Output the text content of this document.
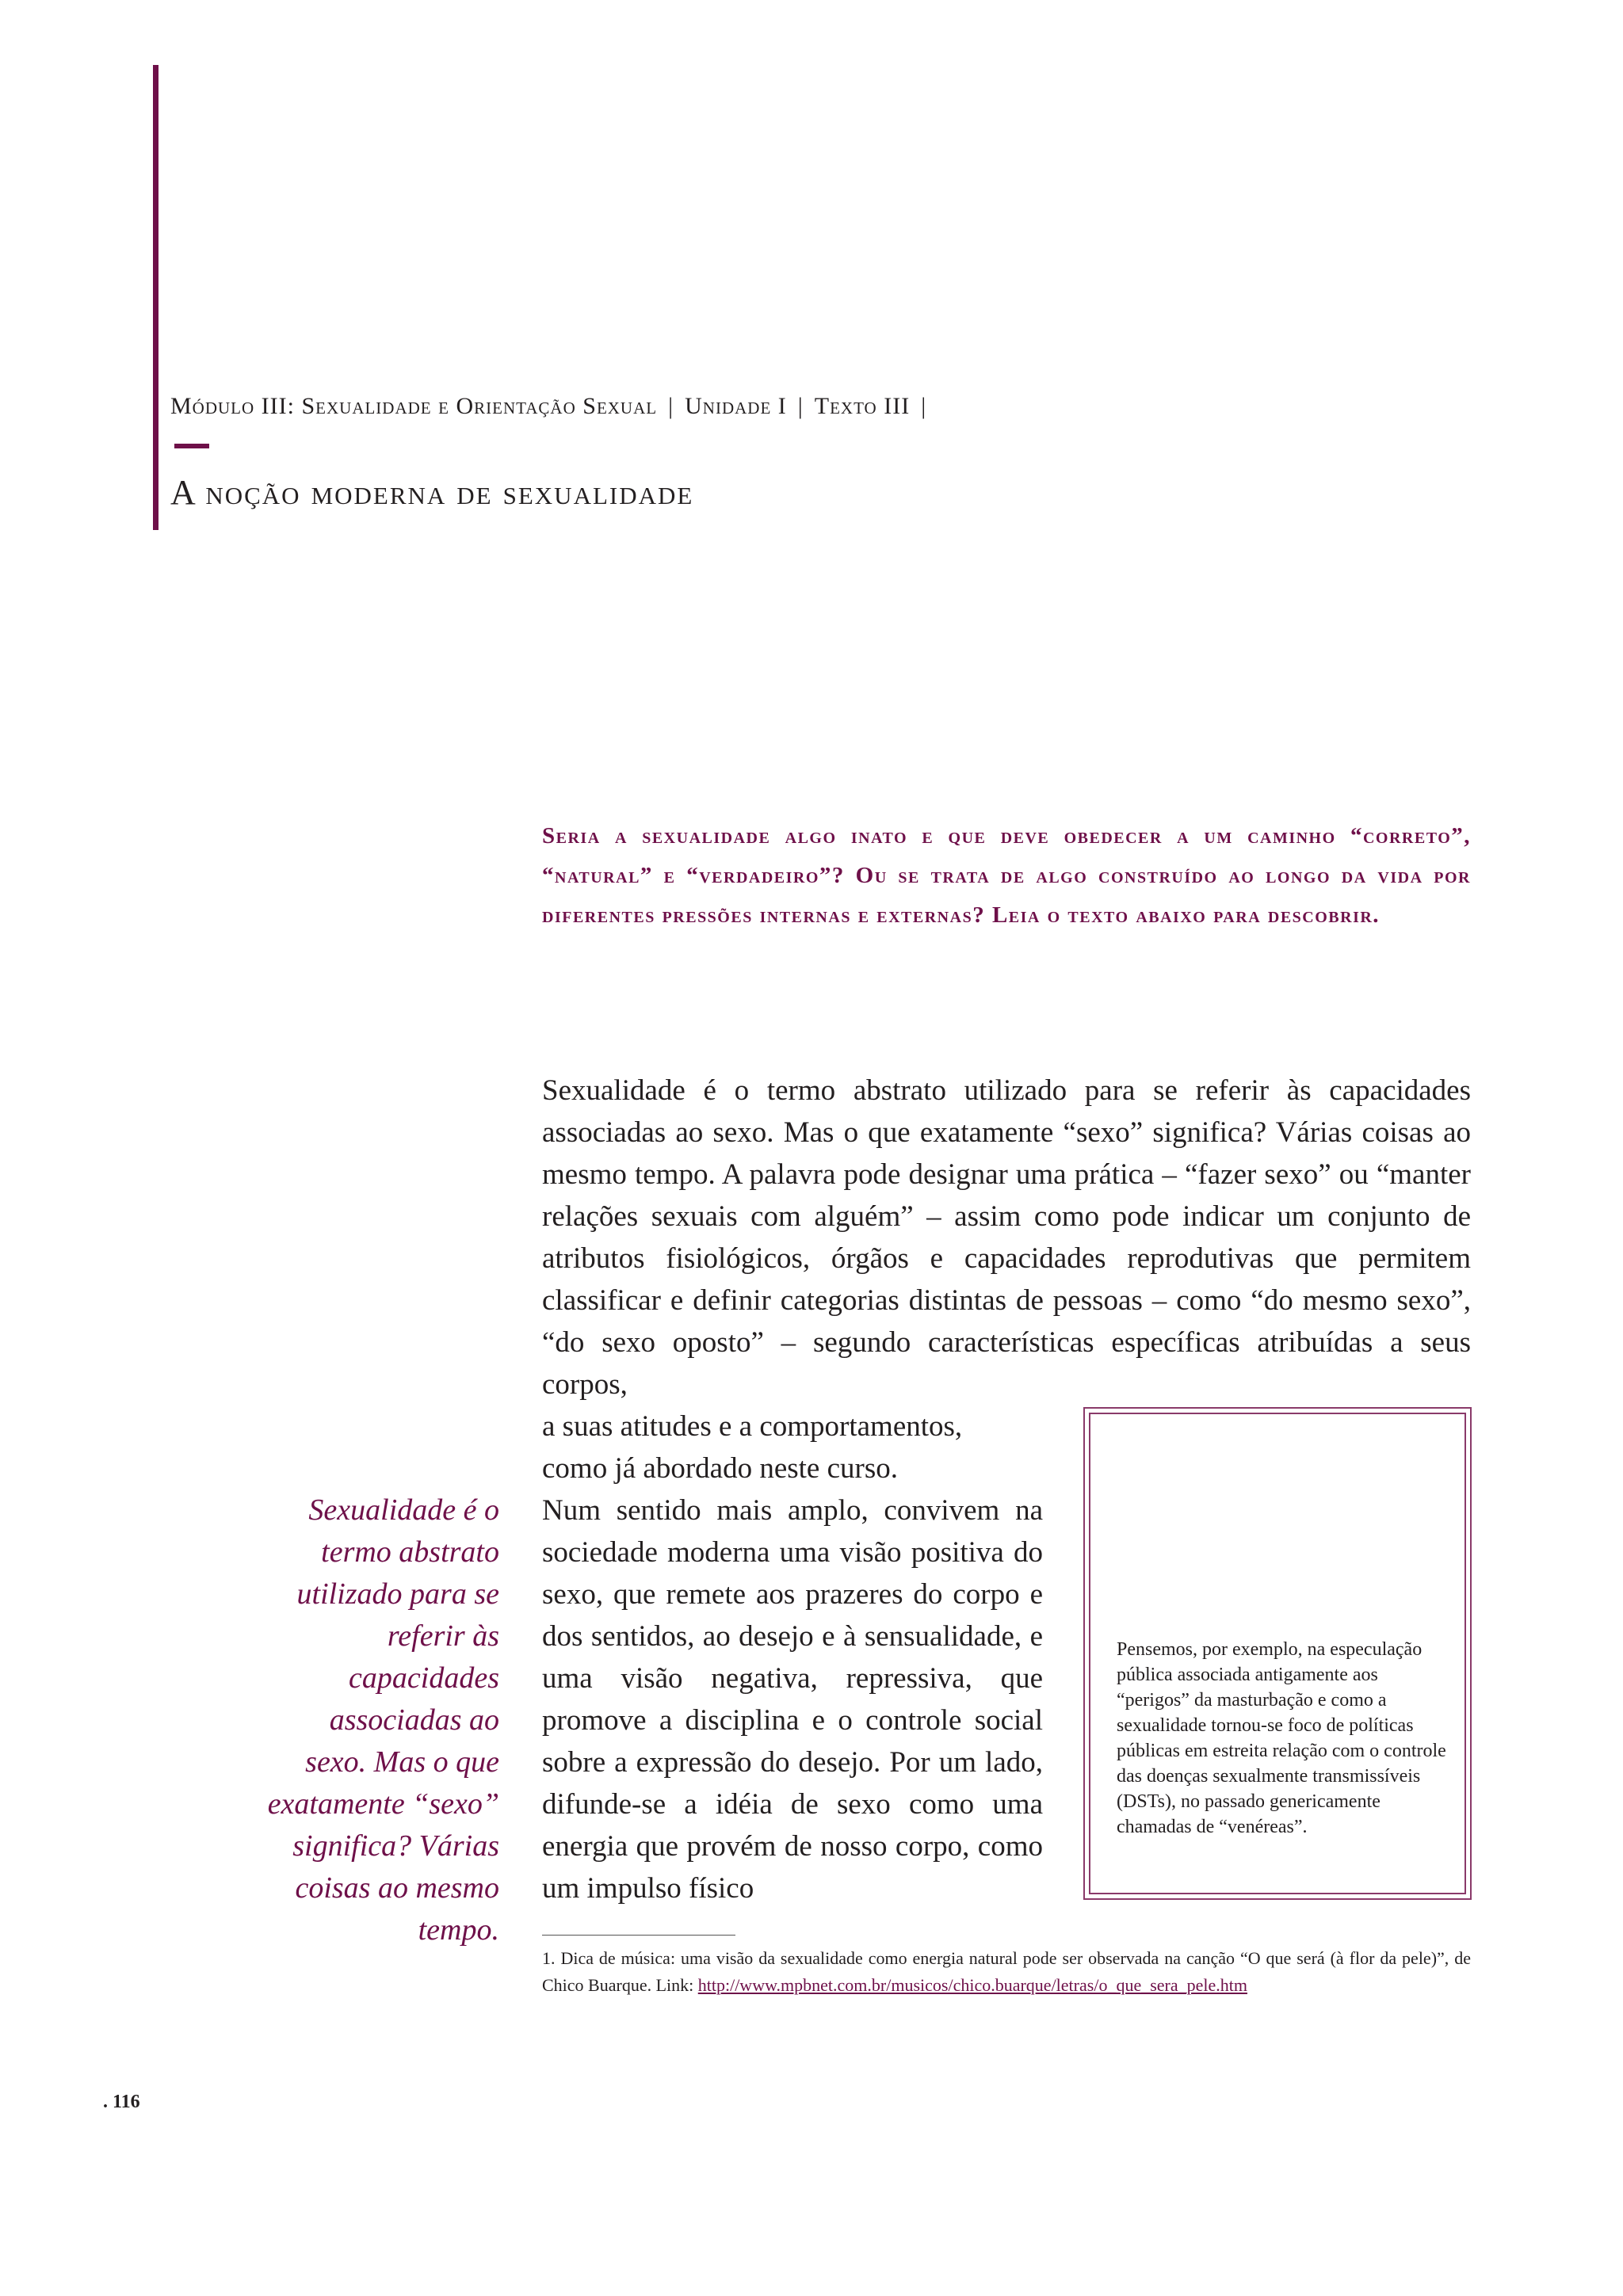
Módulo III: Sexualidade e Orientação Sexual | Unidade I | Texto III |
A noção moderna de sexualidade
Seria a sexualidade algo inato e que deve obedecer a um caminho “correto”, “natural” e “verdadeiro”? Ou se trata de algo construído ao longo da vida por diferentes pressões internas e externas? Leia o texto abaixo para descobrir.
Sexualidade é o termo abstrato utilizado para se referir às capacidades associadas ao sexo. Mas o que exatamente “sexo” significa? Várias coisas ao mesmo tempo. A palavra pode designar uma prática – “fazer sexo” ou “manter relações sexuais com alguém” – assim como pode indicar um conjunto de atributos fisiológicos, órgãos e capacidades reprodutivas que permitem classificar e definir categorias distintas de pessoas – como “do mesmo sexo”, “do sexo oposto” – segundo características específicas atribuídas a seus corpos,
a suas atitudes e a comportamentos,
como já abordado neste curso.
Pensemos, por exemplo, na especulação pública associada antigamente aos “perigos” da masturbação e como a sexualidade tornou-se foco de políticas públicas em estreita relação com o controle das doenças sexualmente transmissíveis (DSTs), no passado genericamente chamadas de “venéreas”.
Sexualidade é o termo abstrato utilizado para se referir às capacidades associadas ao sexo. Mas o que exatamente “sexo” significa? Várias coisas ao mesmo tempo.
Num sentido mais amplo, convivem na sociedade moderna uma visão positiva do sexo, que remete aos prazeres do corpo e dos sentidos, ao desejo e à sensualidade, e uma visão negativa, repressiva, que promove a disciplina e o controle social sobre a expressão do desejo. Por um lado, difunde-se a idéia de sexo como uma energia que provém de nosso corpo, como um impulso físico
1. Dica de música: uma visão da sexualidade como energia natural pode ser observada na canção “O que será (à flor da pele)”, de Chico Buarque. Link: http://www.mpbnet.com.br/musicos/chico.buarque/letras/o_que_sera_pele.htm
. 116
